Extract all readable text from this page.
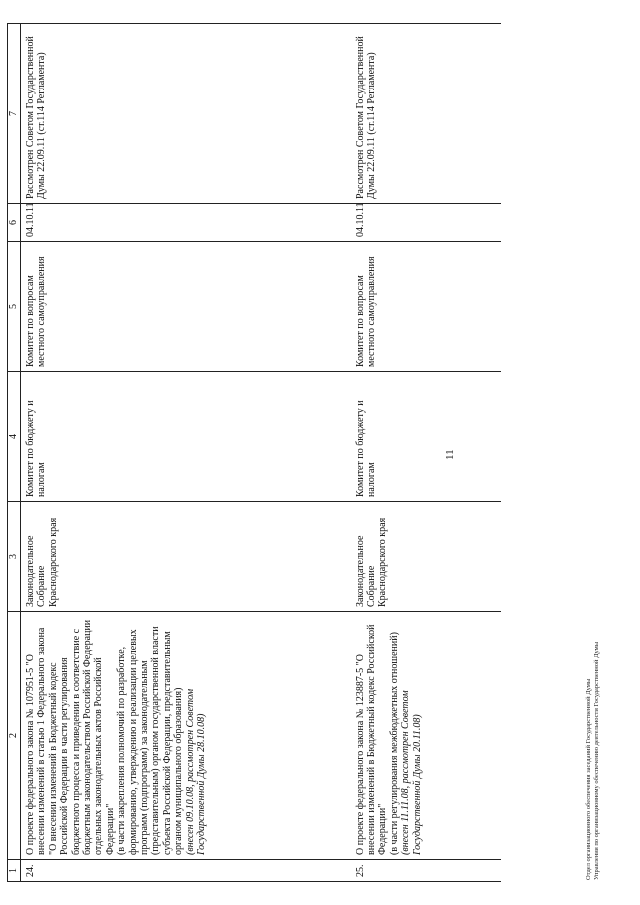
11
1	2	3	4	5	6	7
24.	О проекте федерального закона № 107951-5 "О внесении изменений в статью 1 Федерального закона "О внесении изменений в Бюджетный кодекс Российской Федерации в части регулирования бюджетного процесса и приведении в соответствие с бюджетным законодательством Российской Федерации отдельных законодательных актов Российской Федерации" (в части закрепления полномочий по разработке, формированию, утверждению и реализации целевых программ (подпрограмм) за законодательным (представительным) органом государственной власти субъекта Российской Федерации, представительным органом муниципального образования) (внесен 09.10.08, рассмотрен Советом Государственной Думы 28.10.08)	Законодательное Собрание Краснодарского края	Комитет по бюджету и налогам	Комитет по вопросам местного самоуправления	04.10.11	Рассмотрен Советом Государственной Думы 22.09.11 (ст.114 Регламента)
25.	О проекте федерального закона № 123887-5 "О внесении изменений в Бюджетный кодекс Российской Федерации" (в части регулирования межбюджетных отношений) (внесен 11.11.08, рассмотрен Советом Государственной Думы 20.11.08)	Законодательное Собрание Краснодарского края	Комитет по бюджету и налогам	Комитет по вопросам местного самоуправления	04.10.11	Рассмотрен Советом Государственной Думы 22.09.11 (ст.114 Регламента)
Отдел организационного обеспечения заседаний Государственной Думы Управления по организационному обеспечению деятельности Государственной Думы
